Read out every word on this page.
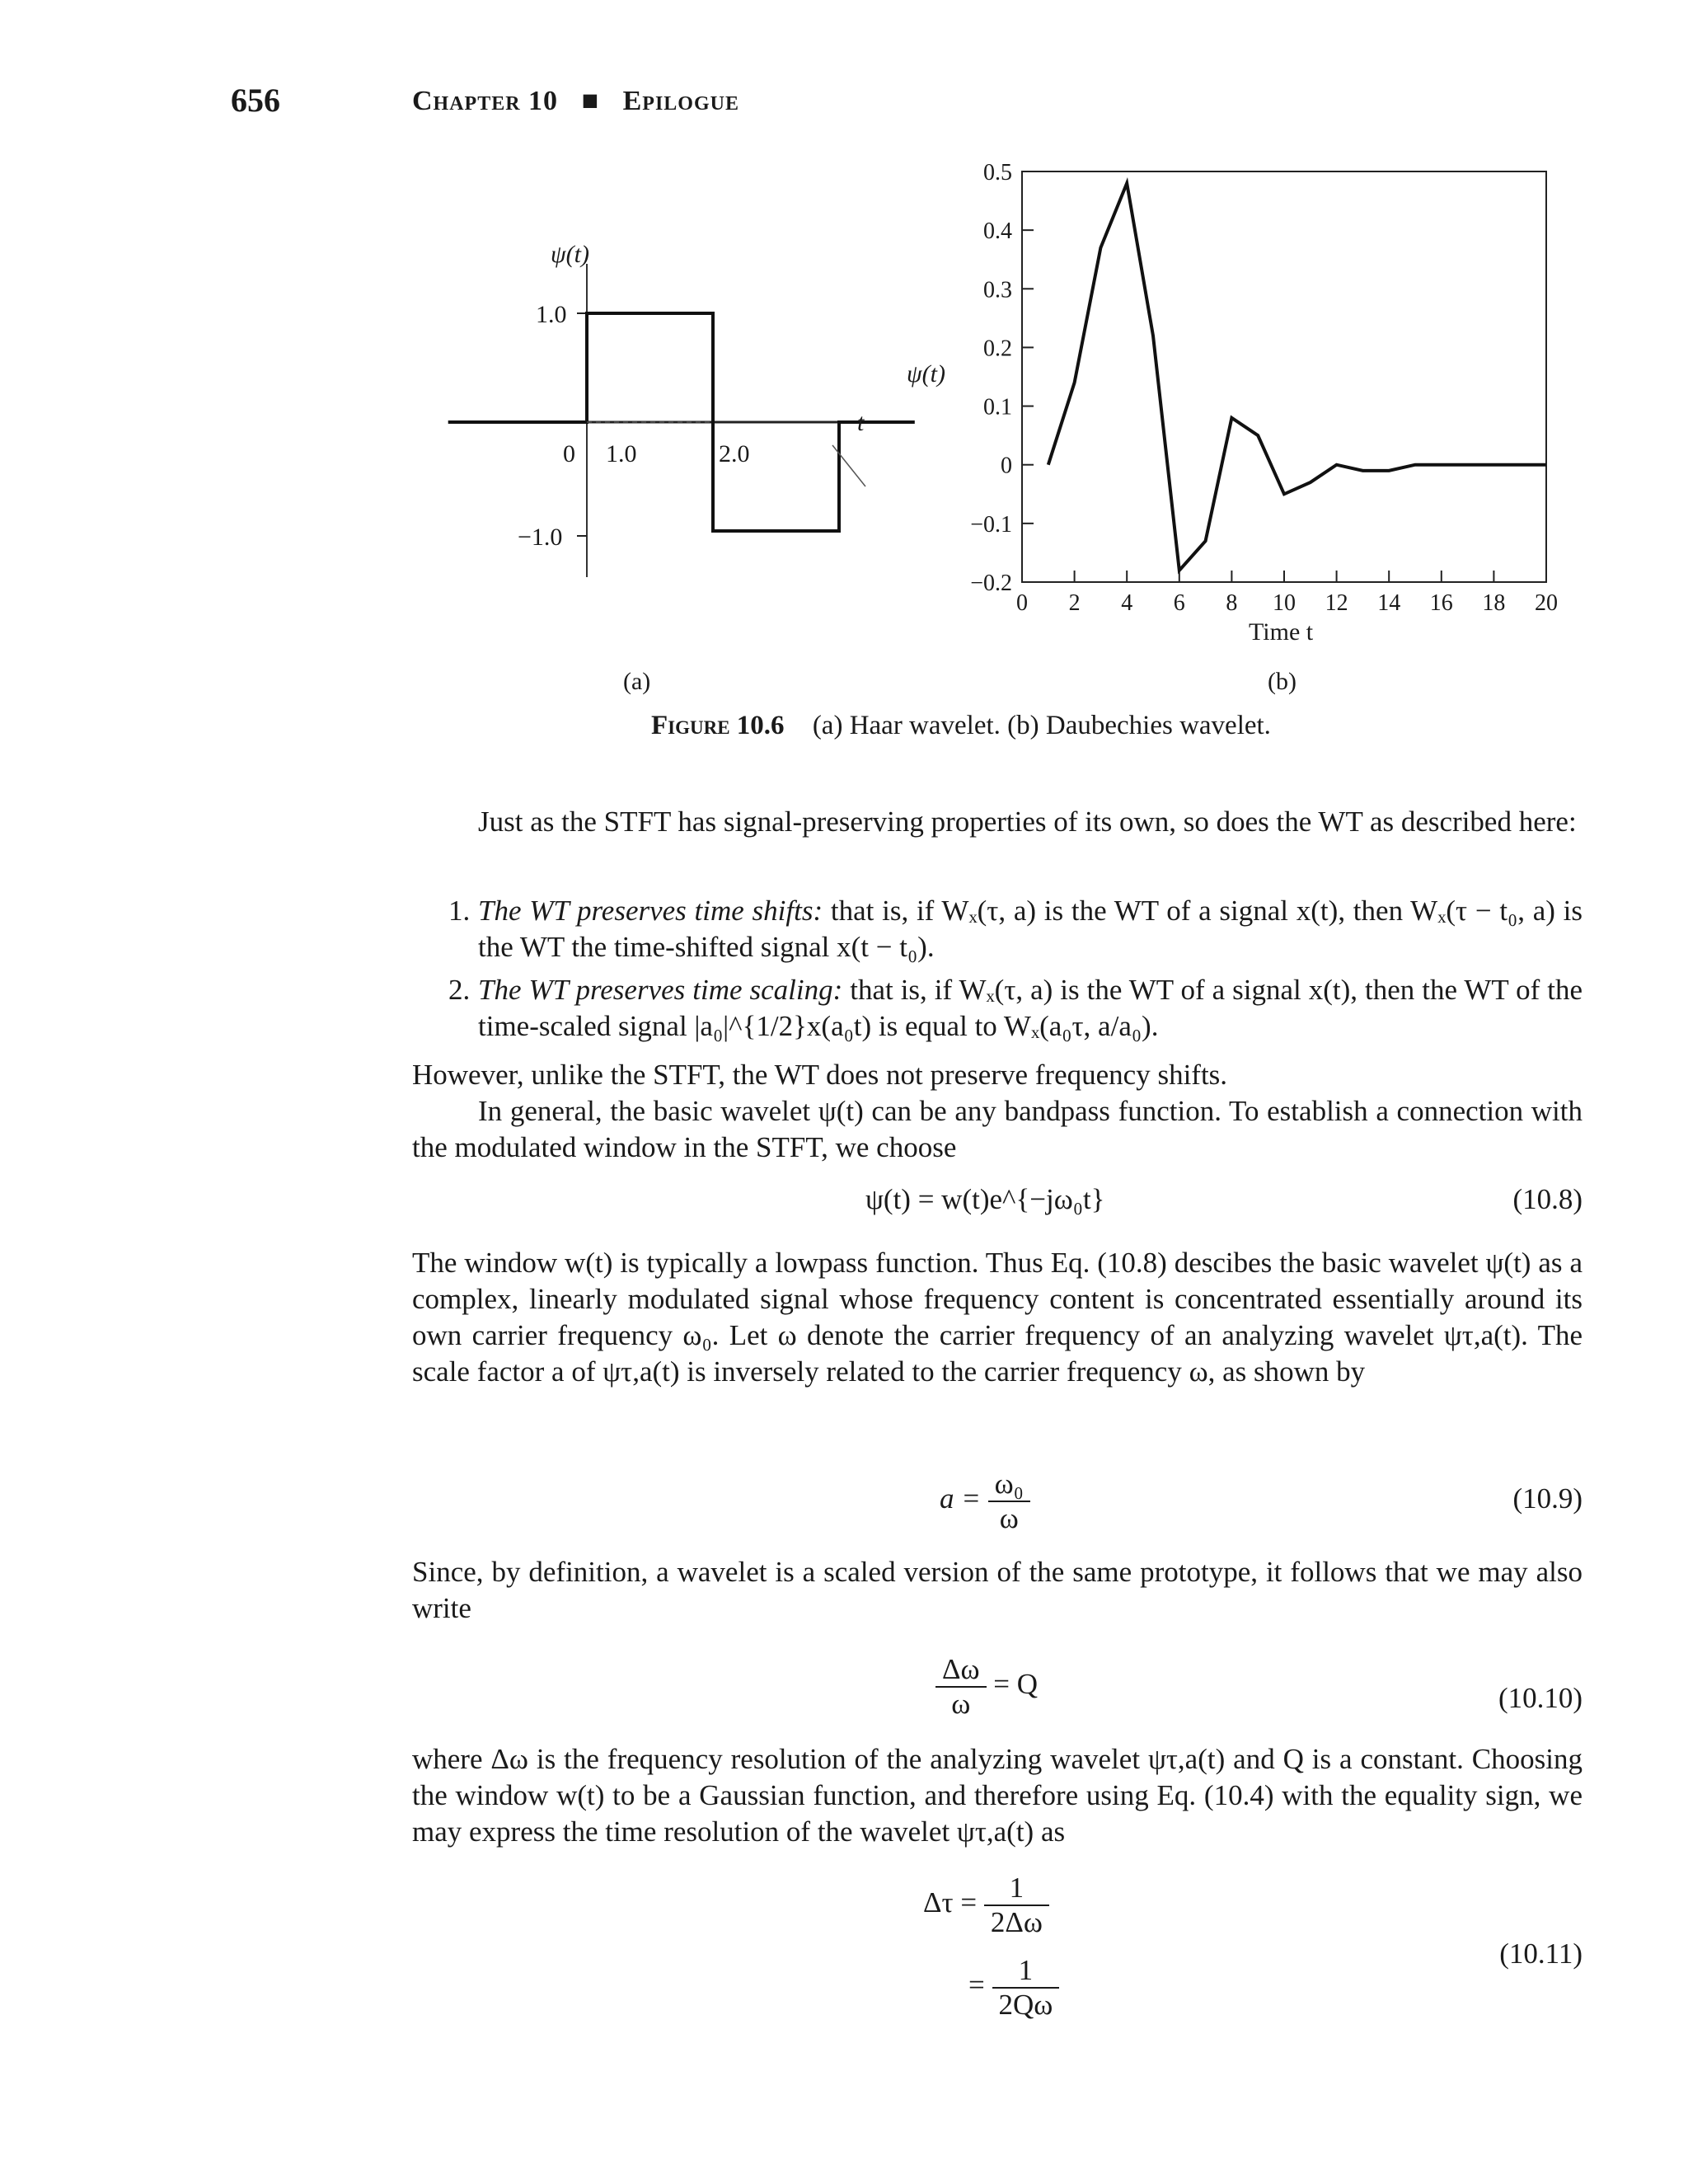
656	Chapter 10 ■ Epilogue
ψ(t)
1.0
−1.0
0 1.0	2.0
t
(a)
0.5
0.4
0.3
0.2
0.1
0
−0.1
−0.2
0 2 4 6 8 10 12 14 16 18 20
ψ(t)
Time t
(b)
Figure 10.6 (a) Haar wavelet. (b) Daubechies wavelet.

Just as the STFT has signal-preserving properties of its own, so does the WT as described here:

1. The WT preserves time shifts: that is, if Wₓ(τ, a) is the WT of a signal x(t), then Wₓ(τ − t₀, a) is the WT the time-shifted signal x(t − t₀).
2. The WT preserves time scaling: that is, if Wₓ(τ, a) is the WT of a signal x(t), then the WT of the time-scaled signal |a₀|^{1/2}x(a₀t) is equal to Wₓ(a₀τ, a/a₀).

However, unlike the STFT, the WT does not preserve frequency shifts.

In general, the basic wavelet ψ(t) can be any bandpass function. To establish a connection with the modulated window in the STFT, we choose

ψ(t) = w(t)e^{−jω₀t}	(10.8)

The window w(t) is typically a lowpass function. Thus Eq. (10.8) descibes the basic wavelet ψ(t) as a complex, linearly modulated signal whose frequency content is concentrated essentially around its own carrier frequency ω₀. Let ω denote the carrier frequency of an analyzing wavelet ψτ,a(t). The scale factor a of ψτ,a(t) is inversely related to the carrier frequency ω, as shown by

$a = \frac{\text{ω₀}}{\omega}$	(10.9)

Since, by definition, a wavelet is a scaled version of the same prototype, it follows that we may also write

$\frac{\Delta\omega}{\omega} = Q$	(10.10)

where Δω is the frequency resolution of the analyzing wavelet ψτ,a(t) and Q is a constant. Choosing the window w(t) to be a Gaussian function, and therefore using Eq. (10.4) with the equality sign, we may express the time resolution of the wavelet ψτ,a(t) as

$\Delta\tau = \frac{1}{2\Delta\omega}$
= $\frac{1}{2Q\omega}$
(10.11)
